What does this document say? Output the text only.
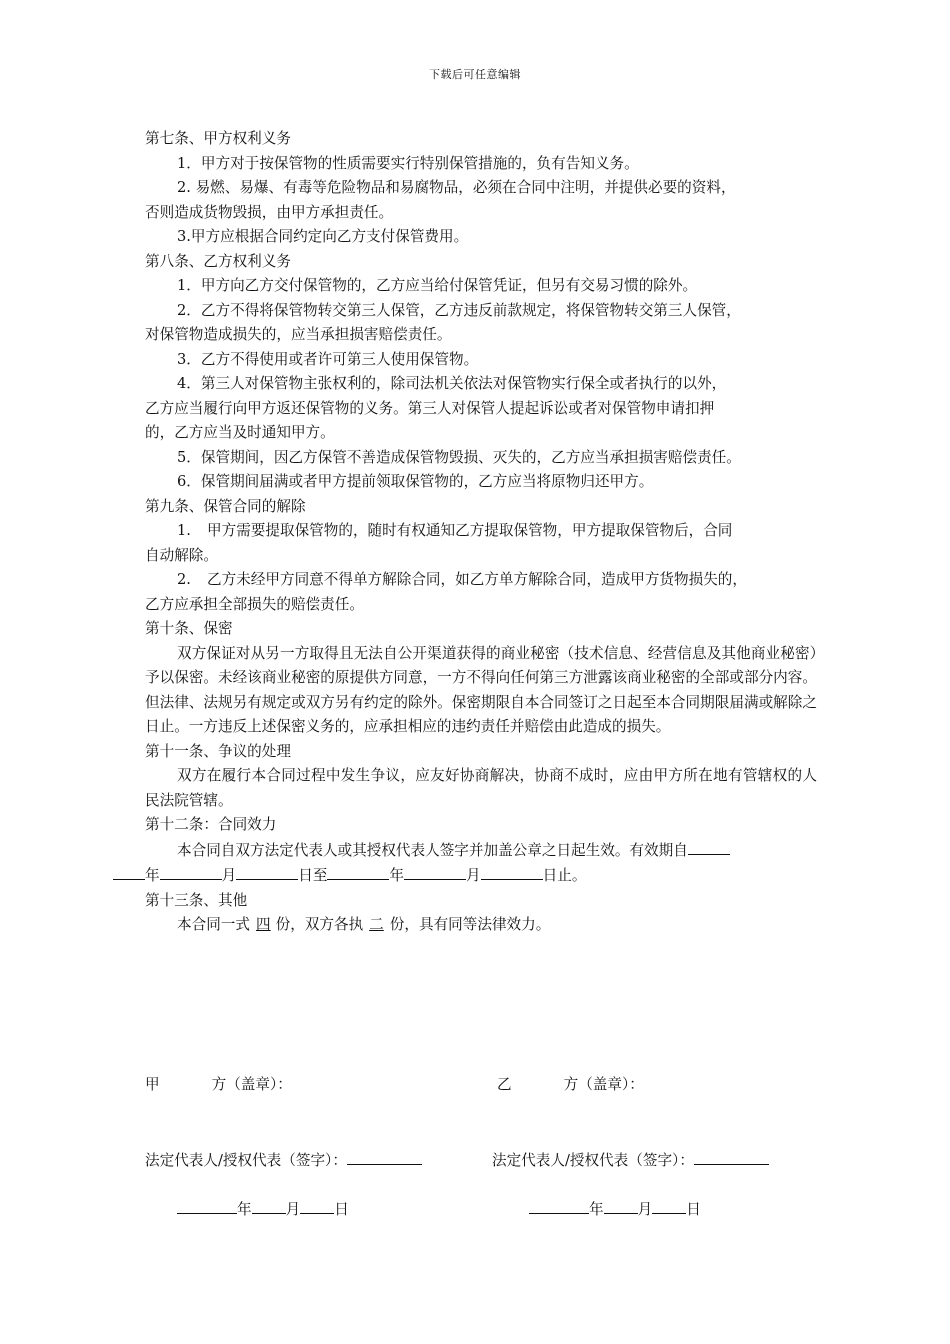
下载后可任意编辑

第七条、甲方权利义务

1．甲方对于按保管物的性质需要实行特别保管措施的，负有告知义务。

2. 易燃、易爆、有毒等危险物品和易腐物品，必须在合同中注明，并提供必要的资料，

否则造成货物毁损，由甲方承担责任。

3.甲方应根据合同约定向乙方支付保管费用。

第八条、乙方权利义务

1．甲方向乙方交付保管物的，乙方应当给付保管凭证，但另有交易习惯的除外。

2．乙方不得将保管物转交第三人保管，乙方违反前款规定，将保管物转交第三人保管，

对保管物造成损失的，应当承担损害赔偿责任。

3．乙方不得使用或者许可第三人使用保管物。

4．第三人对保管物主张权利的，除司法机关依法对保管物实行保全或者执行的以外，

乙方应当履行向甲方返还保管物的义务。第三人对保管人提起诉讼或者对保管物申请扣押

的，乙方应当及时通知甲方。

5．保管期间，因乙方保管不善造成保管物毁损、灭失的，乙方应当承担损害赔偿责任。

6．保管期间届满或者甲方提前领取保管物的，乙方应当将原物归还甲方。

第九条、保管合同的解除

1.	甲方需要提取保管物的，随时有权通知乙方提取保管物，甲方提取保管物后，合同

自动解除。

2.	乙方未经甲方同意不得单方解除合同，如乙方单方解除合同，造成甲方货物损失的，

乙方应承担全部损失的赔偿责任。

第十条、保密

双方保证对从另一方取得且无法自公开渠道获得的商业秘密（技术信息、经营信息及其他商业秘密）予以保密。未经该商业秘密的原提供方同意，一方不得向任何第三方泄露该商业秘密的全部或部分内容。但法律、法规另有规定或双方另有约定的除外。保密期限自本合同签订之日起至本合同期限届满或解除之日止。一方违反上述保密义务的，应承担相应的违约责任并赔偿由此造成的损失。

第十一条、争议的处理

双方在履行本合同过程中发生争议，应友好协商解决，协商不成时，应由甲方所在地有管辖权的人民法院管辖。

第十二条：合同效力

本合同自双方法定代表人或其授权代表人签字并加盖公章之日起生效。有效期自
年	月	日至	年	月	日止。

第十三条、其他

本合同一式 四 份，双方各执 二 份，具有同等法律效力。

甲	方（盖章）：	乙	方（盖章）：
法定代表人/授权代表（签字）：	法定代表人/授权代表（签字）：
年 月 日	年 月 日
